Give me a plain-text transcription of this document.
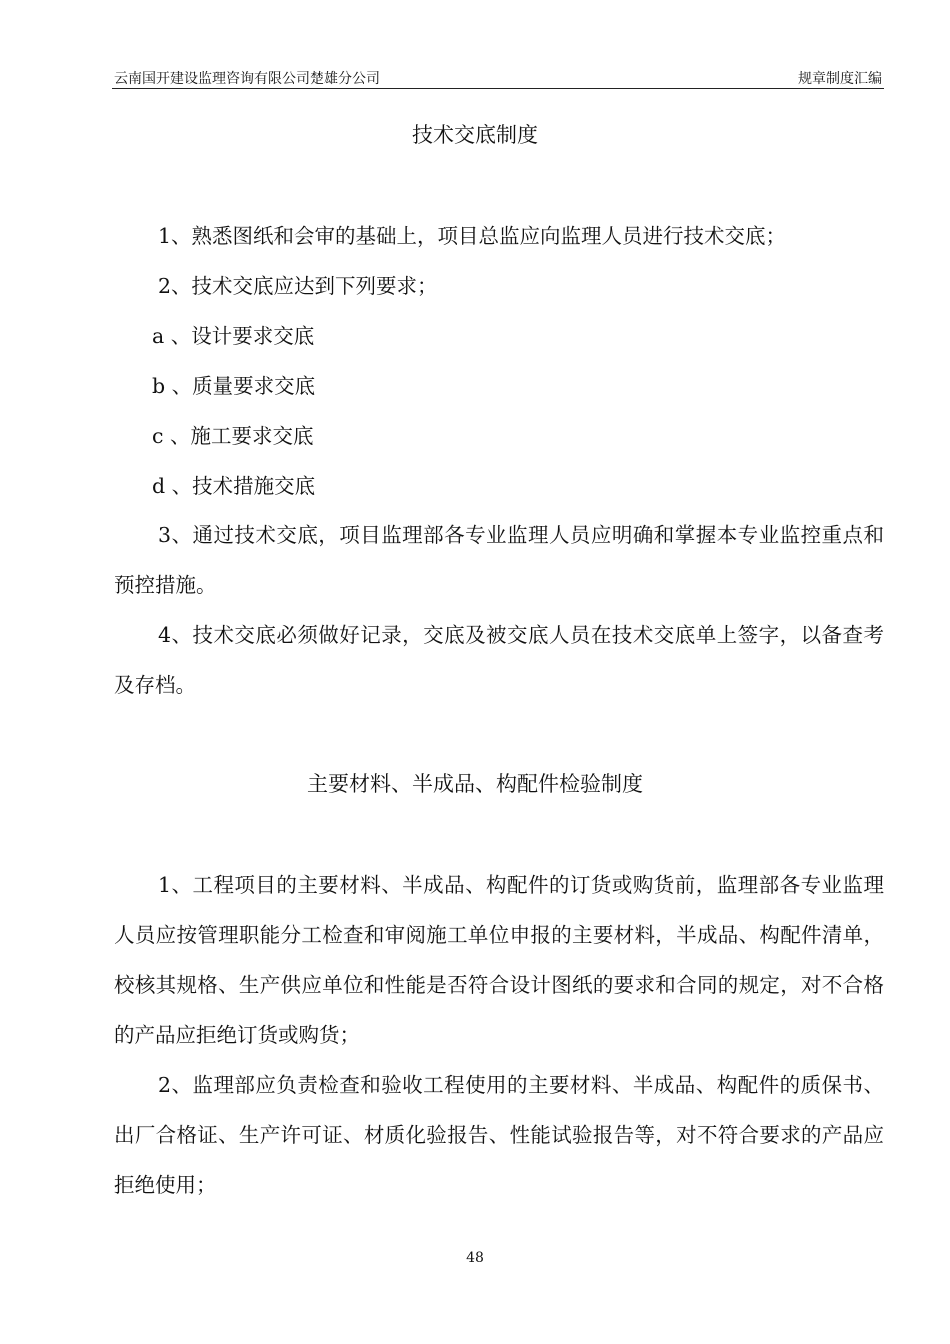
云南国开建设监理咨询有限公司楚雄分公司	规章制度汇编
技术交底制度
1、熟悉图纸和会审的基础上，项目总监应向监理人员进行技术交底；
2、技术交底应达到下列要求；
a 、设计要求交底
b 、质量要求交底
c 、施工要求交底
d 、技术措施交底
3、通过技术交底，项目监理部各专业监理人员应明确和掌握本专业监控重点和预控措施。
4、技术交底必须做好记录，交底及被交底人员在技术交底单上签字，以备查考及存档。
主要材料、半成品、构配件检验制度
1、工程项目的主要材料、半成品、构配件的订货或购货前，监理部各专业监理人员应按管理职能分工检查和审阅施工单位申报的主要材料，半成品、构配件清单，校核其规格、生产供应单位和性能是否符合设计图纸的要求和合同的规定，对不合格的产品应拒绝订货或购货；
2、监理部应负责检查和验收工程使用的主要材料、半成品、构配件的质保书、出厂合格证、生产许可证、材质化验报告、性能试验报告等，对不符合要求的产品应拒绝使用；
48
